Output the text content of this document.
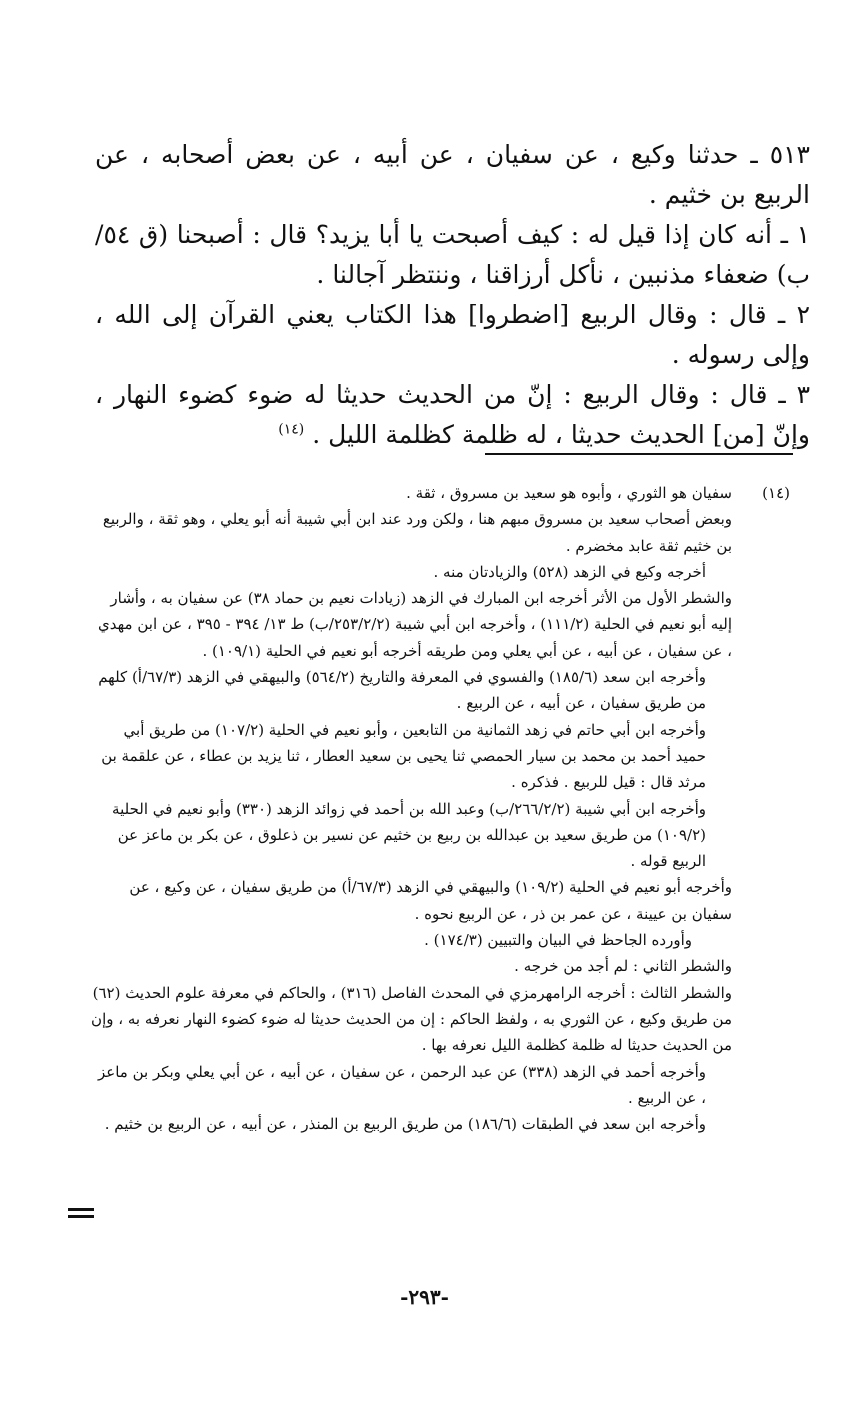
٥١٣ ـ حدثنا وكيع ، عن سفيان ، عن أبيه ، عن بعض أصحابه ، عن الربيع بن خثيم .

١ ـ أنه كان إذا قيل له : كيف أصبحت يا أبا يزيد؟ قال : أصبحنا (ق ٥٤/ب) ضعفاء مذنبين ، نأكل أرزاقنا ، وننتظر آجالنا .

٢ ـ قال : وقال الربيع [اضطروا] هذا الكتاب يعني القرآن إلى الله ، وإلى رسوله .

٣ ـ قال : وقال الربيع : إنّ من الحديث حديثا له ضوء كضوء النهار ، وإنّ [من] الحديث حديثا ، له ظلمة كظلمة الليل . $^{(١٤)}$

(١٤)

سفيان هو الثوري ، وأبوه هو سعيد بن مسروق ، ثقة .

وبعض أصحاب سعيد بن مسروق مبهم هنا ، ولكن ورد عند ابن أبي شيبة أنه أبو يعلي ، وهو ثقة ، والربيع بن خثيم ثقة عابد مخضرم .

أخرجه وكيع في الزهد (٥٢٨) والزيادتان منه .

والشطر الأول من الأثر أخرجه ابن المبارك في الزهد (زيادات نعيم بن حماد ٣٨) عن سفيان به ، وأشار إليه أبو نعيم في الحلية (١١١/٢) ، وأخرجه ابن أبي شيبة (٢٥٣/٢/٢/ب) ط ١٣/ ٣٩٤ - ٣٩٥ ، عن ابن مهدي ، عن سفيان ، عن أبيه ، عن أبي يعلي ومن طريقه أخرجه أبو نعيم في الحلية (١٠٩/١) .

وأخرجه ابن سعد (١٨٥/٦) والفسوي في المعرفة والتاريخ (٥٦٤/٢) والبيهقي في الزهد (٦٧/٣/أ) كلهم من طريق سفيان ، عن أبيه ، عن الربيع .

وأخرجه ابن أبي حاتم في زهد الثمانية من التابعين ، وأبو نعيم في الحلية (١٠٧/٢) من طريق أبي حميد أحمد بن محمد بن سيار الحمصي ثنا يحيى بن سعيد العطار ، ثنا يزيد بن عطاء ، عن علقمة بن مرثد قال : قيل للربيع . فذكره .

وأخرجه ابن أبي شيبة (٢٦٦/٢/٢/ب) وعبد الله بن أحمد في زوائد الزهد (٣٣٠) وأبو نعيم في الحلية (١٠٩/٢) من طريق سعيد بن عبدالله بن ربيع بن خثيم عن نسير بن ذعلوق ، عن بكر بن ماعز عن الربيع قوله .

وأخرجه أبو نعيم في الحلية (١٠٩/٢) والبيهقي في الزهد (٦٧/٣/أ) من طريق سفيان ، عن وكيع ، عن سفيان بن عيينة ، عن عمر بن ذر ، عن الربيع نحوه .

وأورده الجاحظ في البيان والتبيين (١٧٤/٣) .

والشطر الثاني : لم أجد من خرجه .

والشطر الثالث : أخرجه الرامهرمزي في المحدث الفاصل (٣١٦) ، والحاكم في معرفة علوم الحديث (٦٢) من طريق وكيع ، عن الثوري به ، ولفظ الحاكم : إن من الحديث حديثا له ضوء كضوء النهار نعرفه به ، وإن من الحديث حديثا له ظلمة كظلمة الليل نعرفه بها .

وأخرجه أحمد في الزهد (٣٣٨) عن عبد الرحمن ، عن سفيان ، عن أبيه ، عن أبي يعلي وبكر بن ماعز ، عن الربيع .

وأخرجه ابن سعد في الطبقات (١٨٦/٦) من طريق الربيع بن المنذر ، عن أبيه ، عن الربيع بن خثيم .

-٢٩٣-
